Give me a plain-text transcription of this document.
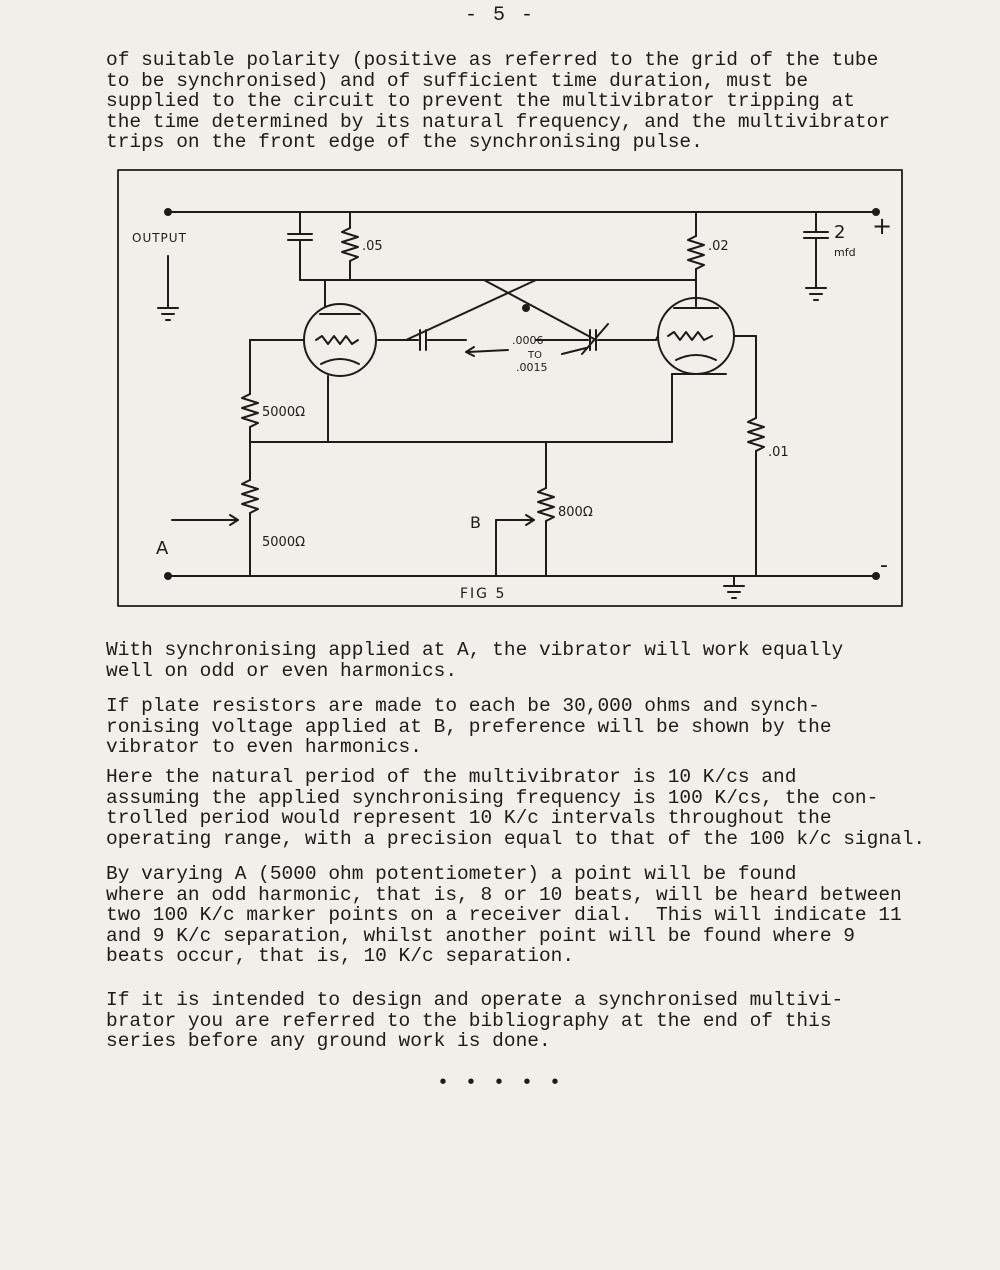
- 5 -

of suitable polarity (positive as referred to the grid of the tube
to be synchronised) and of sufficient time duration, must be
supplied to the circuit to prevent the multivibrator tripping at
the time determined by its natural frequency, and the multivibrator
trips on the front edge of the synchronising pulse.

OUTPUT	+
-
2
mfd
.05	.02
.0006
TO
.0015
5000Ω
5000Ω
800Ω
.01
A
B
FIG 5

With synchronising applied at A, the vibrator will work equally
well on odd or even harmonics.

If plate resistors are made to each be 30,000 ohms and synch-
ronising voltage applied at B, preference will be shown by the
vibrator to even harmonics.

Here the natural period of the multivibrator is 10 K/cs and
assuming the applied synchronising frequency is 100 K/cs, the con-
trolled period would represent 10 K/c intervals throughout the
operating range, with a precision equal to that of the 100 k/c signal.

By varying A (5000 ohm potentiometer) a point will be found
where an odd harmonic, that is, 8 or 10 beats, will be heard between
two 100 K/c marker points on a receiver dial.  This will indicate 11
and 9 K/c separation, whilst another point will be found where 9
beats occur, that is, 10 K/c separation.

If it is intended to design and operate a synchronised multivi-
brator you are referred to the bibliography at the end of this
series before any ground work is done.

• • • • •
